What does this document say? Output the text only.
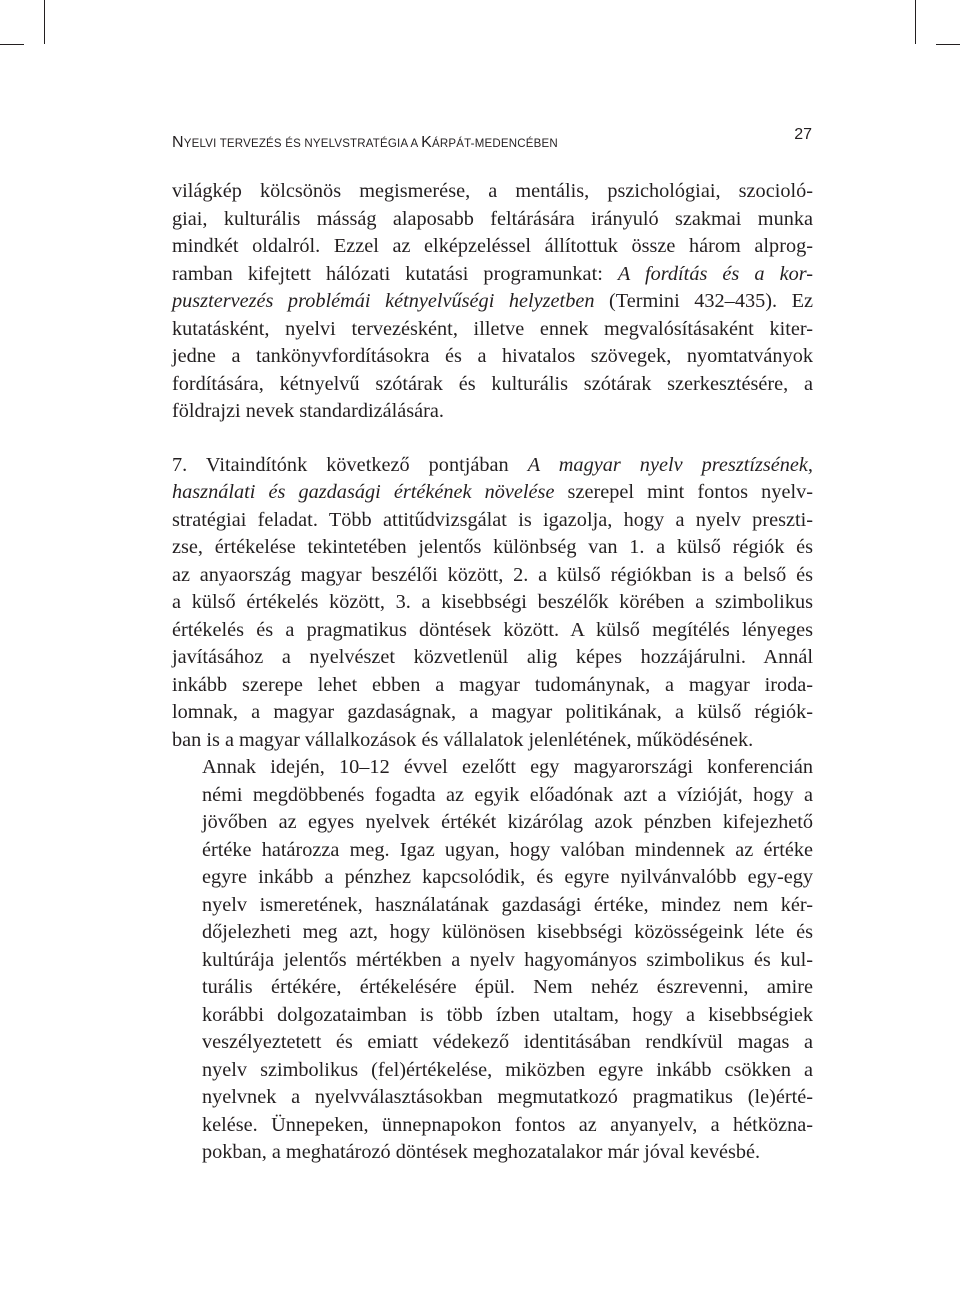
NYELVI TERVEZÉS ÉS NYELVSTRATÉGIA A KÁRPÁT-MEDENCÉBEN
27

világkép kölcsönös megismerése, a mentális, pszichológiai, szocioló-
giai, kulturális másság alaposabb feltárására irányuló szakmai munka
mindkét oldalról. Ezzel az elképzeléssel állítottuk össze három alprog-
ramban kifejtett hálózati kutatási programunkat: A fordítás és a kor-
pusztervezés problémái kétnyelvűségi helyzetben (Termini 432–435). Ez
kutatásként, nyelvi tervezésként, illetve ennek megvalósításaként kiter-
jedne a tankönyvfordításokra és a hivatalos szövegek, nyomtatványok
fordítására, kétnyelvű szótárak és kulturális szótárak szerkesztésére, a
földrajzi nevek standardizálására.

7. Vitaindítónk következő pontjában A magyar nyelv presztízsének,
használati és gazdasági értékének növelése szerepel mint fontos nyelv-
stratégiai feladat. Több attitűdvizsgálat is igazolja, hogy a nyelv preszti-
zse, értékelése tekintetében jelentős különbség van 1. a külső régiók és
az anyaország magyar beszélői között, 2. a külső régiókban is a belső és
a külső értékelés között, 3. a kisebbségi beszélők körében a szimbolikus
értékelés és a pragmatikus döntések között. A külső megítélés lényeges
javításához a nyelvészet közvetlenül alig képes hozzájárulni. Annál
inkább szerepe lehet ebben a magyar tudománynak, a magyar iroda-
lomnak, a magyar gazdaságnak, a magyar politikának, a külső régiók-
ban is a magyar vállalkozások és vállalatok jelenlétének, működésének.

Annak idején, 10–12 évvel ezelőtt egy magyarországi konferencián
némi megdöbbenés fogadta az egyik előadónak azt a vízióját, hogy a
jövőben az egyes nyelvek értékét kizárólag azok pénzben kifejezhető
értéke határozza meg. Igaz ugyan, hogy valóban mindennek az értéke
egyre inkább a pénzhez kapcsolódik, és egyre nyilvánvalóbb egy-egy
nyelv ismeretének, használatának gazdasági értéke, mindez nem kér-
dőjelezheti meg azt, hogy különösen kisebbségi közösségeink léte és
kultúrája jelentős mértékben a nyelv hagyományos szimbolikus és kul-
turális értékére, értékelésére épül. Nem nehéz észrevenni, amire
korábbi dolgozataimban is több ízben utaltam, hogy a kisebbségiek
veszélyeztetett és emiatt védekező identitásában rendkívül magas a
nyelv szimbolikus (fel)értékelése, miközben egyre inkább csökken a
nyelvnek a nyelvválasztásokban megmutatkozó pragmatikus (le)érté-
kelése. Ünnepeken, ünnepnapokon fontos az anyanyelv, a hétközna-
pokban, a meghatározó döntések meghozatalakor már jóval kevésbé.
